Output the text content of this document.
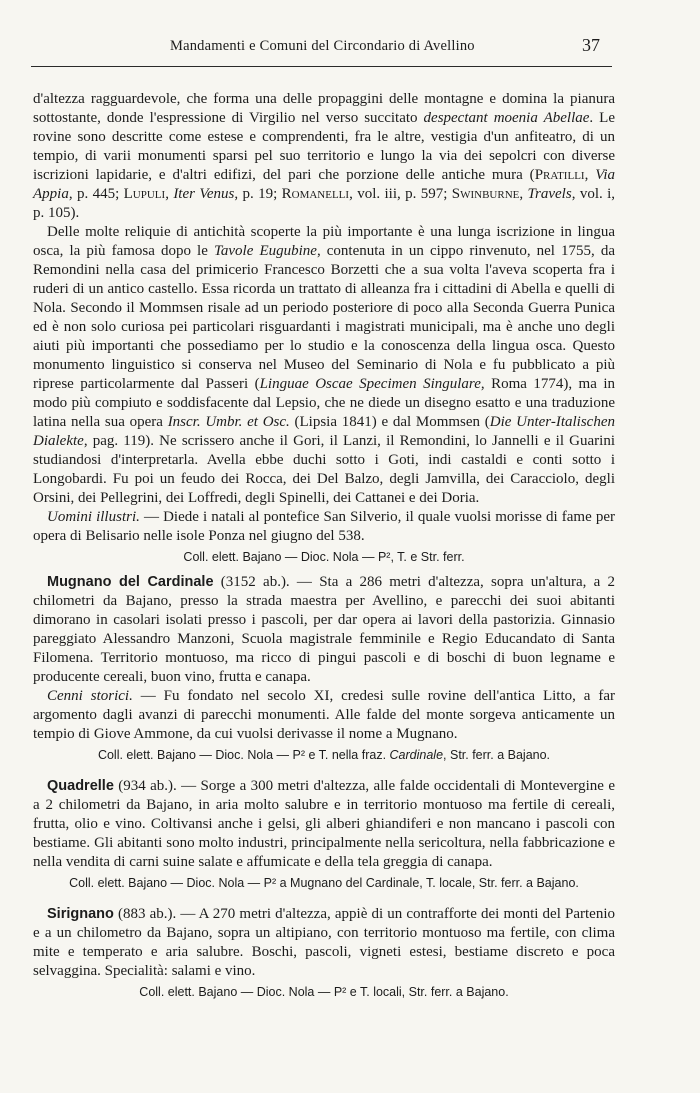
Mandamenti e Comuni del Circondario di Avellino	37

d'altezza ragguardevole, che forma una delle propaggini delle montagne e domina la pianura sottostante, donde l'espressione di Virgilio nel verso succitato despectant moenia Abellae. Le rovine sono descritte come estese e comprendenti, fra le altre, vestigia d'un anfiteatro, di un tempio, di varii monumenti sparsi pel suo territorio e lungo la via dei sepolcri con diverse iscrizioni lapidarie, e d'altri edifizi, del pari che porzione delle antiche mura (Pratilli, Via Appia, p. 445; Lupuli, Iter Venus, p. 19; Romanelli, vol. iii, p. 597; Swinburne, Travels, vol. i, p. 105).

Delle molte reliquie di antichità scoperte la più importante è una lunga iscrizione in lingua osca, la più famosa dopo le Tavole Eugubine, contenuta in un cippo rinvenuto, nel 1755, da Remondini nella casa del primicerio Francesco Borzetti che a sua volta l'aveva scoperta fra i ruderi di un antico castello. Essa ricorda un trattato di alleanza fra i cittadini di Abella e quelli di Nola. Secondo il Mommsen risale ad un periodo posteriore di poco alla Seconda Guerra Punica ed è non solo curiosa pei particolari risguardanti i magistrati municipali, ma è anche uno degli aiuti più importanti che possediamo per lo studio e la conoscenza della lingua osca. Questo monumento linguistico si conserva nel Museo del Seminario di Nola e fu pubblicato a più riprese particolarmente dal Passeri (Linguae Oscae Specimen Singulare, Roma 1774), ma in modo più compiuto e soddisfacente dal Lepsio, che ne diede un disegno esatto e una traduzione latina nella sua opera Inscr. Umbr. et Osc. (Lipsia 1841) e dal Mommsen (Die Unter-Italischen Dialekte, pag. 119). Ne scrissero anche il Gori, il Lanzi, il Remondini, lo Jannelli e il Guarini studiandosi d'interpretarla. Avella ebbe duchi sotto i Goti, indi castaldi e conti sotto i Longobardi. Fu poi un feudo dei Rocca, dei Del Balzo, degli Jamvilla, dei Caracciolo, degli Orsini, dei Pellegrini, dei Loffredi, degli Spinelli, dei Cattanei e dei Doria.

Uomini illustri. — Diede i natali al pontefice San Silverio, il quale vuolsi morisse di fame per opera di Belisario nelle isole Ponza nel giugno del 538.

Coll. elett. Bajano — Dioc. Nola — P², T. e Str. ferr.

Mugnano del Cardinale (3152 ab.). — Sta a 286 metri d'altezza, sopra un'altura, a 2 chilometri da Bajano, presso la strada maestra per Avellino, e parecchi dei suoi abitanti dimorano in casolari isolati presso i pascoli, per dar opera ai lavori della pastorizia. Ginnasio pareggiato Alessandro Manzoni, Scuola magistrale femminile e Regio Educandato di Santa Filomena. Territorio montuoso, ma ricco di pingui pascoli e di boschi di buon legname e producente cereali, buon vino, frutta e canapa.

Cenni storici. — Fu fondato nel secolo XI, credesi sulle rovine dell'antica Litto, a far argomento dagli avanzi di parecchi monumenti. Alle falde del monte sorgeva anticamente un tempio di Giove Ammone, da cui vuolsi derivasse il nome a Mugnano.

Coll. elett. Bajano — Dioc. Nola — P² e T. nella fraz. Cardinale, Str. ferr. a Bajano.

Quadrelle (934 ab.). — Sorge a 300 metri d'altezza, alle falde occidentali di Montevergine e a 2 chilometri da Bajano, in aria molto salubre e in territorio montuoso ma fertile di cereali, frutta, olio e vino. Coltivansi anche i gelsi, gli alberi ghiandiferi e non mancano i pascoli con bestiame. Gli abitanti sono molto industri, principalmente nella sericoltura, nella fabbricazione e nella vendita di carni suine salate e affumicate e della tela greggia di canapa.

Coll. elett. Bajano — Dioc. Nola — P² a Mugnano del Cardinale, T. locale, Str. ferr. a Bajano.

Sirignano (883 ab.). — A 270 metri d'altezza, appiè di un contrafforte dei monti del Partenio e a un chilometro da Bajano, sopra un altipiano, con territorio montuoso ma fertile, con clima mite e temperato e aria salubre. Boschi, pascoli, vigneti estesi, bestiame discreto e poca selvaggina. Specialità: salami e vino.

Coll. elett. Bajano — Dioc. Nola — P² e T. locali, Str. ferr. a Bajano.
